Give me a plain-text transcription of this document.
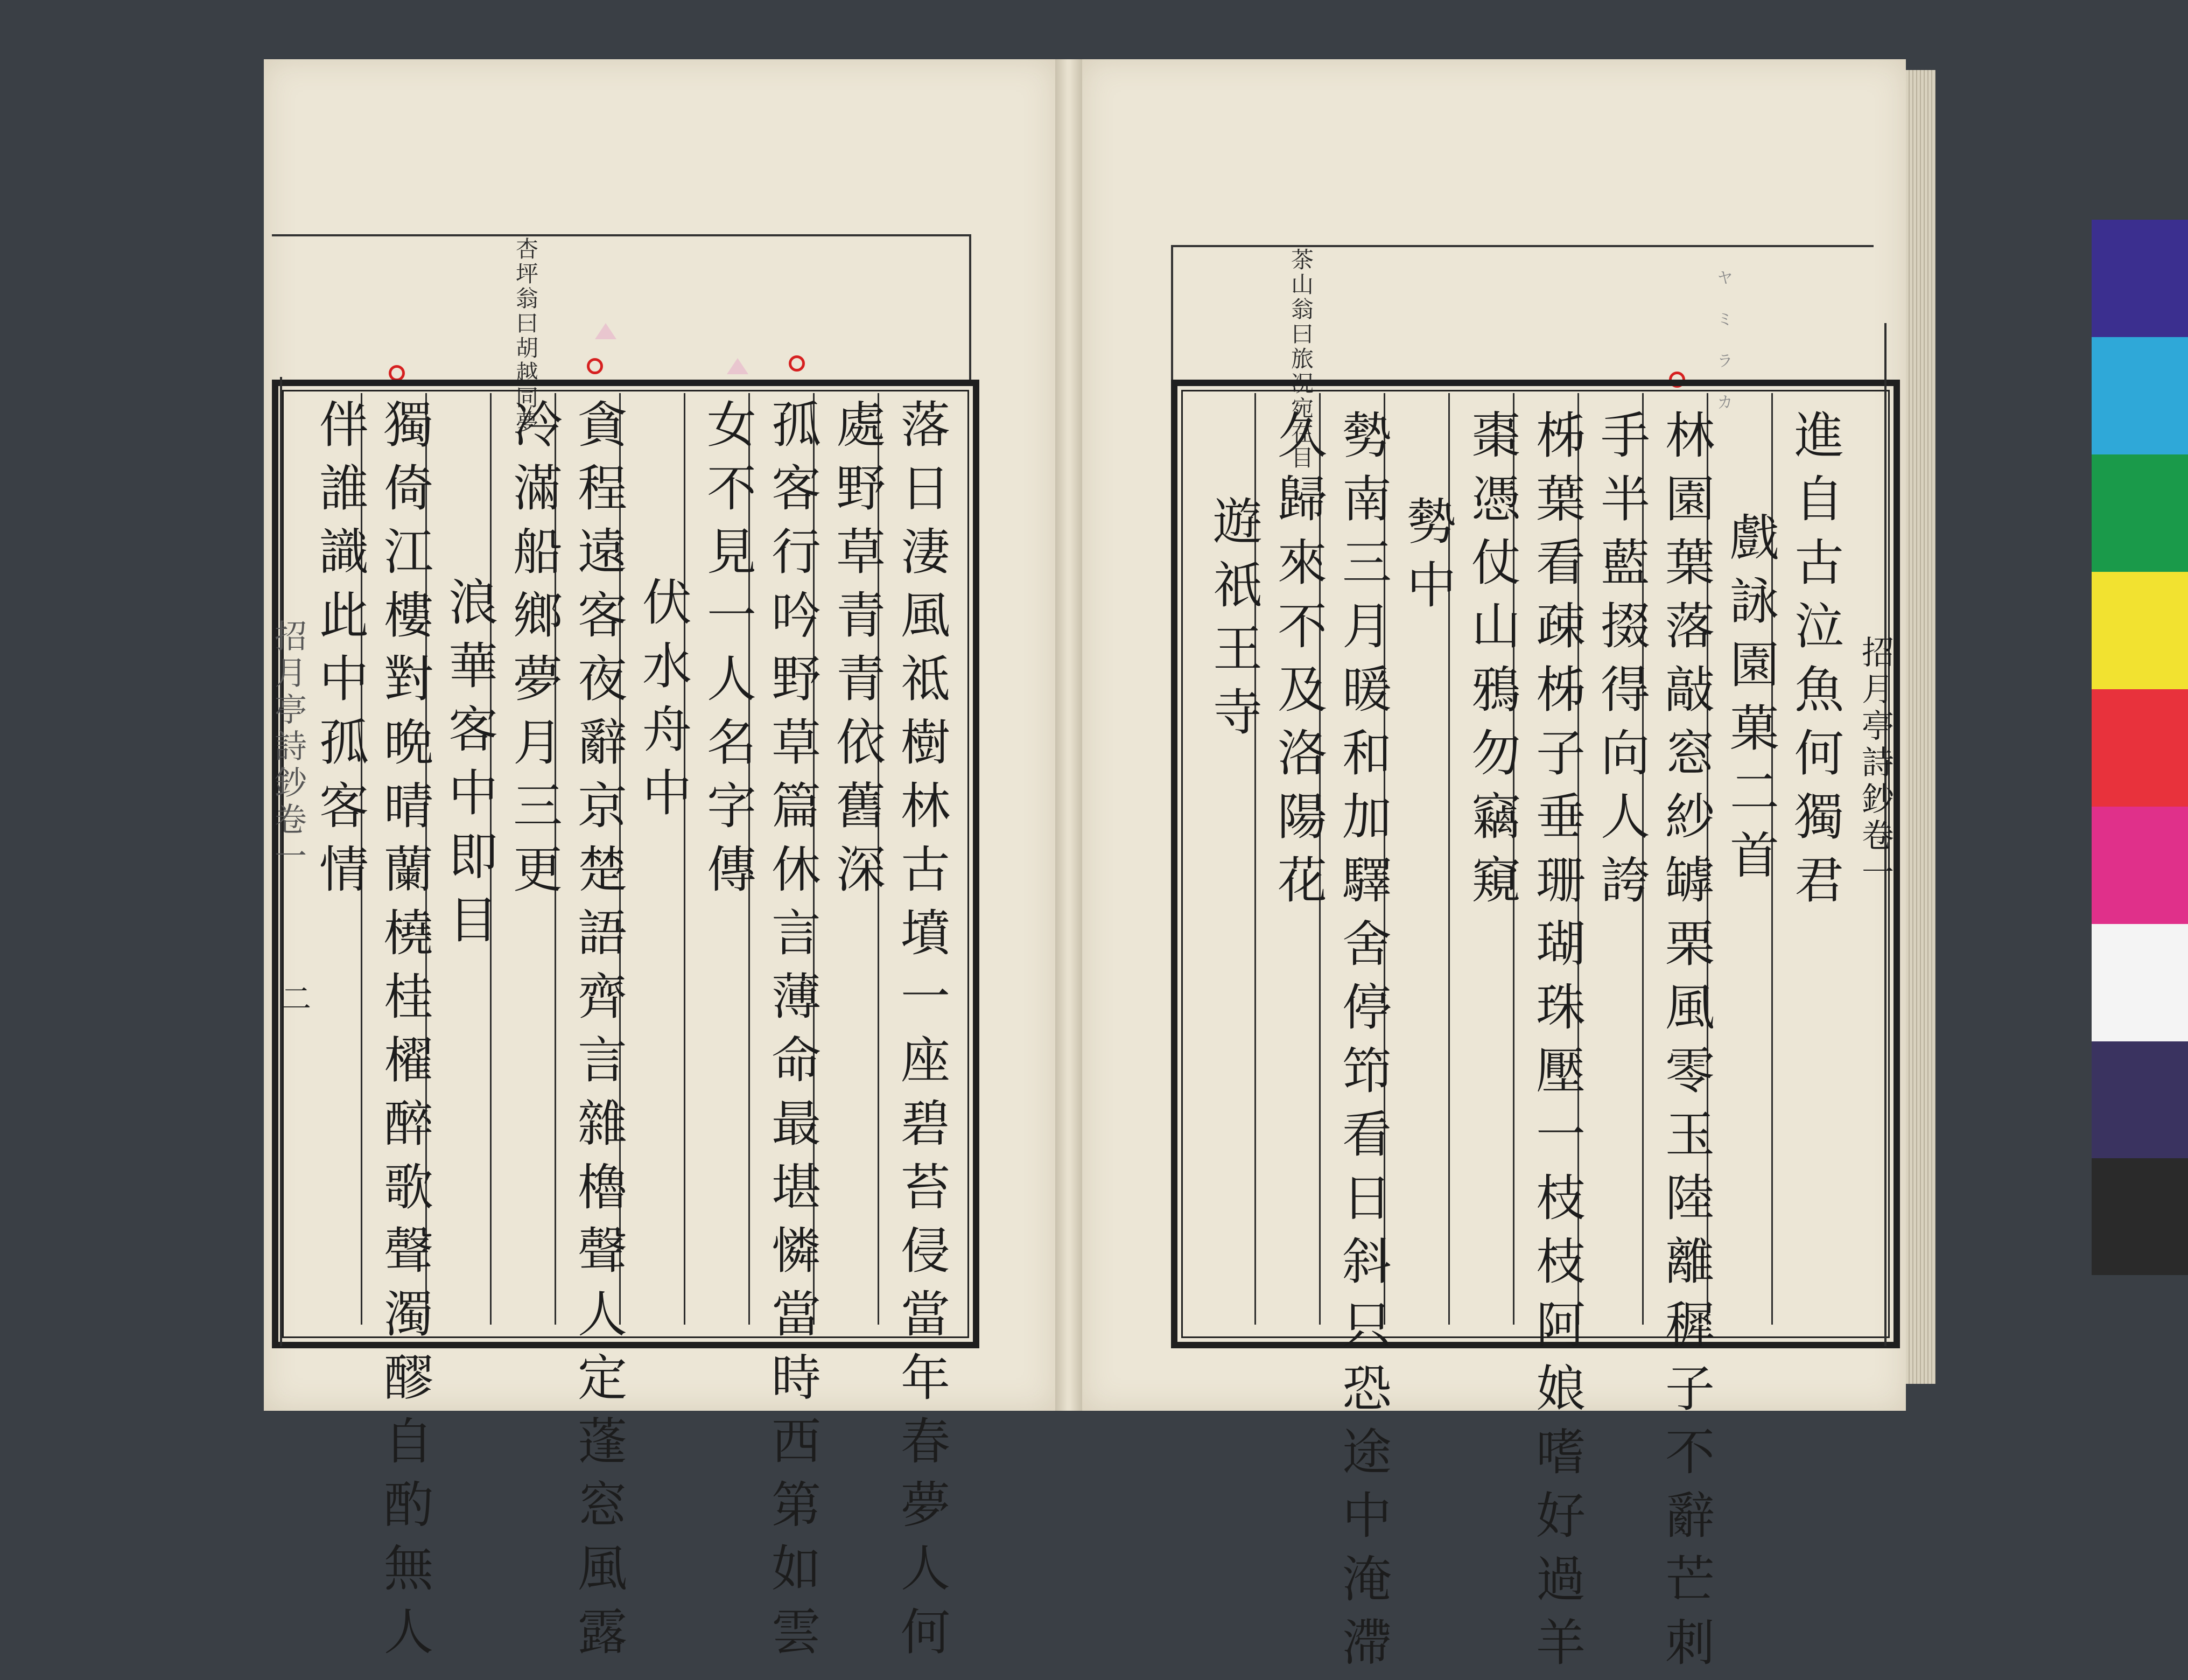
杏坪翁曰胡越同夢
落日淒風祗樹林古墳一座碧苔侵當年春夢人何
處野草青青依舊深
孤客行吟野草篇休言薄命最堪憐當時西第如雲
女不見一人名字傳
伏水舟中
貪程遠客夜辭京楚語齊言雜櫓聲人定蓬窓風露
冷滿船鄉夢月三更
浪華客中即目
獨倚江樓對晩晴蘭橈桂櫂醉歌聲濁醪自酌無人
伴誰識此中孤客情
茶山翁曰旅况宛在目	ヤ ミ ラ カ
進自古泣魚何獨君
戲詠園菓二首
林園葉落敲窓紗罅栗風零玉陸離穉子不辭芒刺
手半藍掇得向人誇
柹葉看疎柹子垂珊瑚珠壓一枝枝阿娘嗜好過羊
棗憑仗山鴉勿竊窺
勢中
勢南三月暖和加驛舍停笻看日斜只恐途中淹滯
久歸來不及洛陽花
遊祇王寺
招月亭詩鈔卷一
招月亭詩鈔卷一
二
